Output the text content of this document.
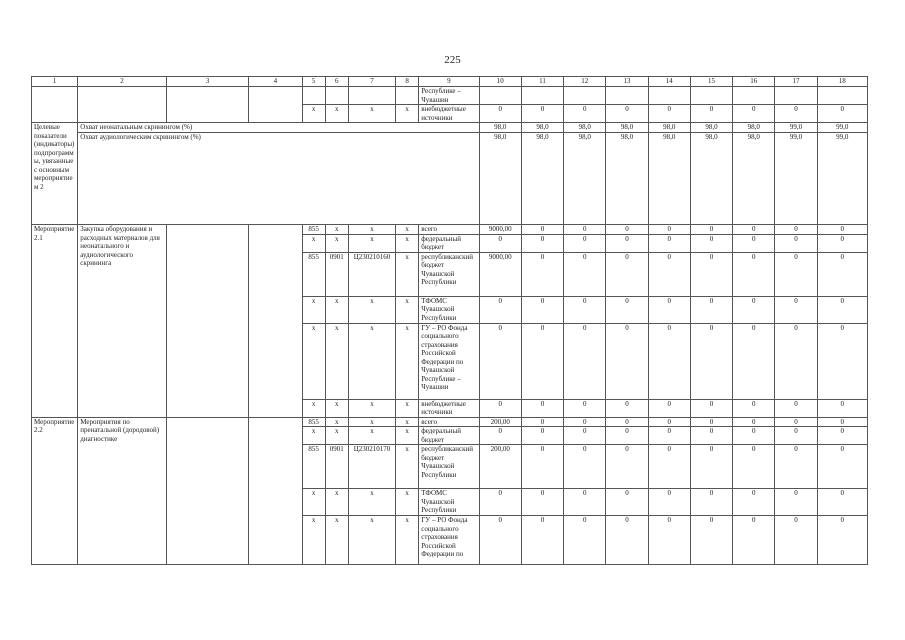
225
1	2	3	4	5	6	7	8	9	10	11	12	13	14	15	16	17	18
								Республике – Чувашии									
				x	x	x	x	внебюджетные источники	0	0	0	0	0	0	0	0	0
Целевые показатели (индикаторы) подпрограммы, увязанные с основным мероприятием 2	Охват неонатальным скринингом (%)								98,0	98,0	98,0	98,0	98,0	98,0	98,0	99,0	99,0
	Охват аудиологическим скринингом (%)								98,0	98,0	98,0	98,0	98,0	98,0	98,0	99,0	99,0
Мероприятие 2.1	Закупка оборудования и расходных материалов для неонатального и аудиологического скрининга			855	x	x	x	всего	9000,00	0	0	0	0	0	0	0	0
				x	x	x	x	федеральный бюджет	0	0	0	0	0	0	0	0	0
				855	0901	Ц230210160	x	республиканский бюджет Чувашской Республики	9000,00	0	0	0	0	0	0	0	0
				x	x	x	x	ТФОМС Чувашской Республики	0	0	0	0	0	0	0	0	0
				x	x	x	x	ГУ – РО Фонда социального страхования Российской Федерации по Чувашской Республике – Чувашии	0	0	0	0	0	0	0	0	0
				x	x	x	x	внебюджетные источники	0	0	0	0	0	0	0	0	0
Мероприятие 2.2	Мероприятия по пренатальной (дородовой) диагностике			855	x	x	x	всего	200,00	0	0	0	0	0	0	0	0
				x	x	x	x	федеральный бюджет	0	0	0	0	0	0	0	0	0
				855	0901	Ц230210170	x	республиканский бюджет Чувашской Республики	200,00	0	0	0	0	0	0	0	0
				x	x	x	x	ТФОМС Чувашской Республики	0	0	0	0	0	0	0	0	0
				x	x	x	x	ГУ – РО Фонда социального страхования Российской Федерации по	0	0	0	0	0	0	0	0	0
